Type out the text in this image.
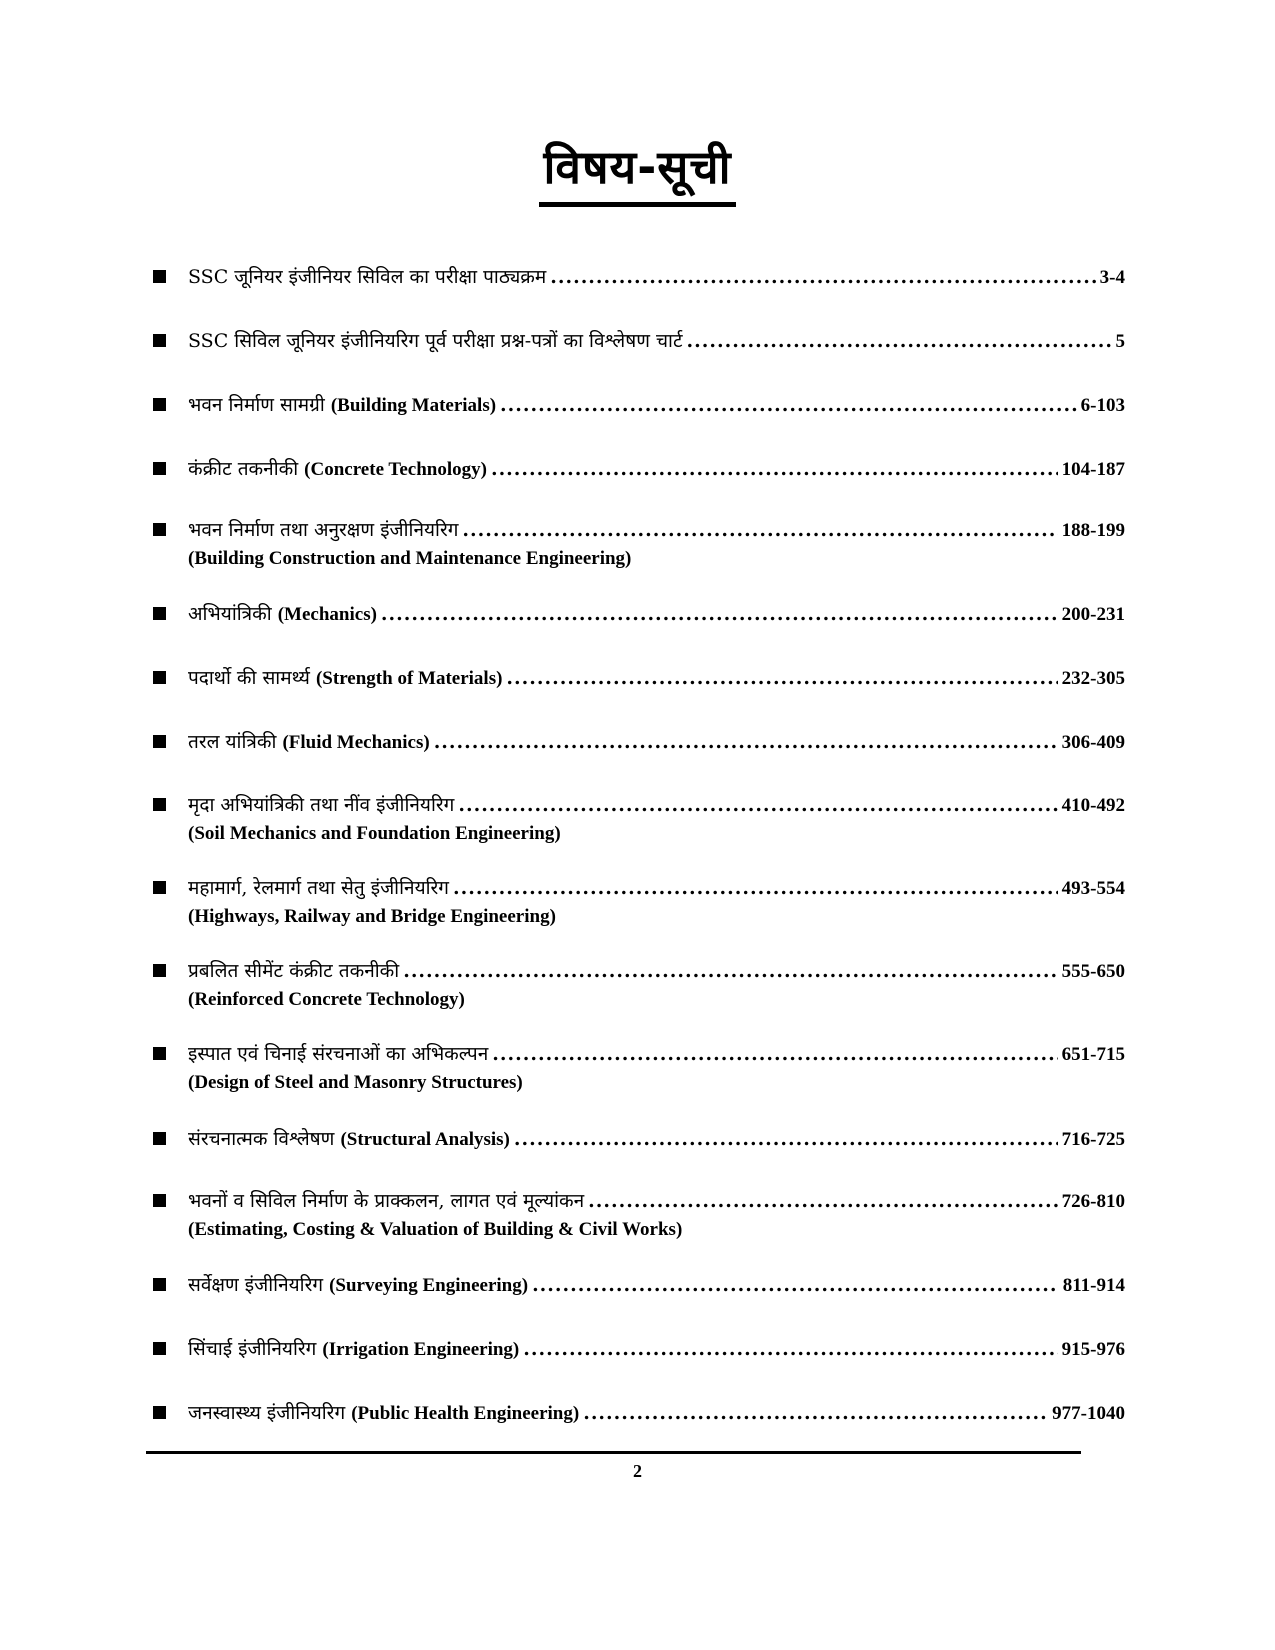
विषय-सूची
SSC जूनियर इंजीनियर सिविल का परीक्षा पाठ्यक्रम .....	3-4
SSC सिविल जूनियर इंजीनियरिग पूर्व परीक्षा प्रश्न-पत्रों का विश्लेषण चार्ट .....	5
भवन निर्माण सामग्री (Building Materials) .....	6-103
कंक्रीट तकनीकी (Concrete Technology) .....	104-187
भवन निर्माण तथा अनुरक्षण इंजीनियरिग .....	188-199
(Building Construction and Maintenance Engineering)
अभियांत्रिकी (Mechanics) .....	200-231
पदार्थो की सामर्थ्य (Strength of Materials) .....	232-305
तरल यांत्रिकी (Fluid Mechanics) .....	306-409
मृदा अभियांत्रिकी तथा नींव इंजीनियरिग .....	410-492
(Soil Mechanics and Foundation Engineering)
महामार्ग, रेलमार्ग तथा सेतु इंजीनियरिग .....	493-554
(Highways, Railway and Bridge Engineering)
प्रबलित सीमेंट कंक्रीट तकनीकी .....	555-650
(Reinforced Concrete Technology)
इस्पात एवं चिनाई संरचनाओं का अभिकल्पन .....	651-715
(Design of Steel and Masonry Structures)
संरचनात्मक विश्लेषण (Structural Analysis) .....	716-725
भवनों व सिविल निर्माण के प्राक्कलन, लागत एवं मूल्यांकन .....	726-810
(Estimating, Costing & Valuation of Building & Civil Works)
सर्वेक्षण इंजीनियरिग (Surveying Engineering) .....	811-914
सिंचाई इंजीनियरिग (Irrigation Engineering) .....	915-976
जनस्वास्थ्य इंजीनियरिग (Public Health Engineering) .....	977-1040
2
